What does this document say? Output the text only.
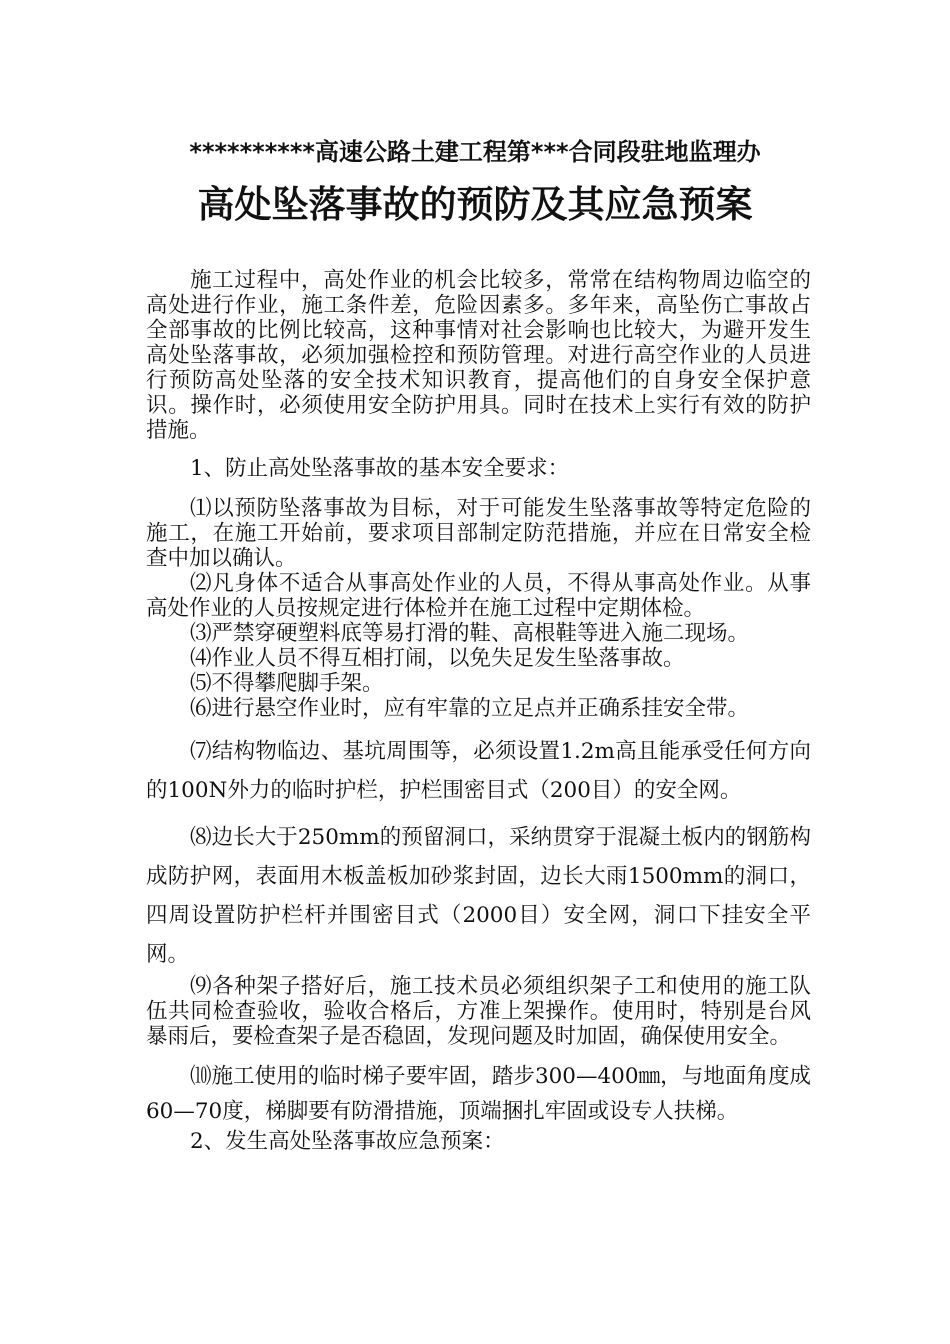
**********高速公路土建工程第***合同段驻地监理办
高处坠落事故的预防及其应急预案

施工过程中，高处作业的机会比较多，常常在结构物周边临空的高处进行作业，施工条件差，危险因素多。多年来，高坠伤亡事故占全部事故的比例比较高，这种事情对社会影响也比较大，为避开发生高处坠落事故，必须加强检控和预防管理。对进行高空作业的人员进行预防高处坠落的安全技术知识教育，提高他们的自身安全保护意识。操作时，必须使用安全防护用具。同时在技术上实行有效的防护措施。

1、防止高处坠落事故的基本安全要求：

⑴以预防坠落事故为目标，对于可能发生坠落事故等特定危险的施工，在施工开始前，要求项目部制定防范措施，并应在日常安全检查中加以确认。

⑵凡身体不适合从事高处作业的人员，不得从事高处作业。从事高处作业的人员按规定进行体检并在施工过程中定期体检。

⑶严禁穿硬塑料底等易打滑的鞋、高根鞋等进入施二现场。

⑷作业人员不得互相打闹，以免失足发生坠落事故。

⑸不得攀爬脚手架。

⑹进行悬空作业时，应有牢靠的立足点并正确系挂安全带。

⑺结构物临边、基坑周围等，必须设置1.2m高且能承受任何方向的100N外力的临时护栏，护栏围密目式（200目）的安全网。

⑻边长大于250mm的预留洞口，采纳贯穿于混凝土板内的钢筋构成防护网，表面用木板盖板加砂浆封固，边长大雨1500mm的洞口，四周设置防护栏杆并围密目式（2000目）安全网，洞口下挂安全平网。

⑼各种架子搭好后，施工技术员必须组织架子工和使用的施工队伍共同检查验收，验收合格后，方准上架操作。使用时，特别是台风暴雨后，要检查架子是否稳固，发现问题及时加固，确保使用安全。

⑽施工使用的临时梯子要牢固，踏步300—400㎜，与地面角度成60—70度，梯脚要有防滑措施，顶端捆扎牢固或设专人扶梯。

2、发生高处坠落事故应急预案：
